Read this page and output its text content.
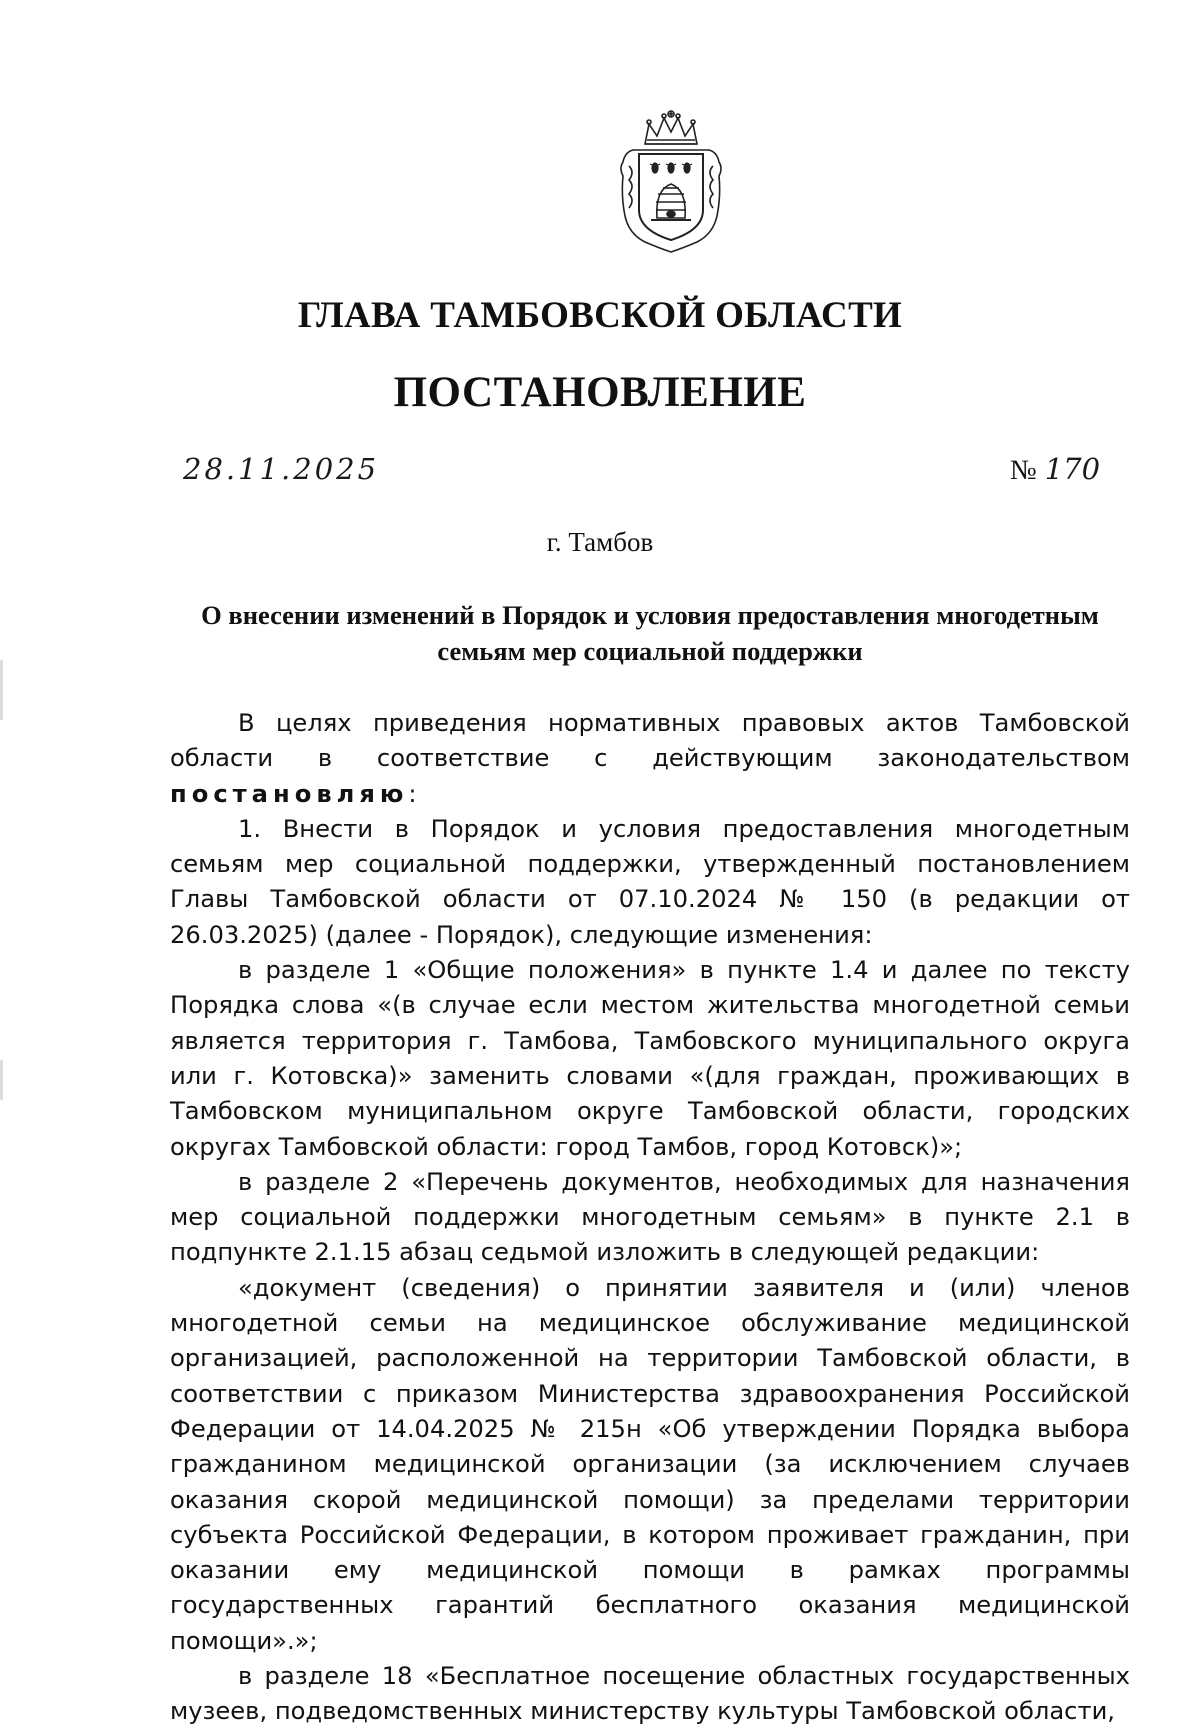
ГЛАВА ТАМБОВСКОЙ ОБЛАСТИ
ПОСТАНОВЛЕНИЕ
28.11.2025	№ 170
г. Тамбов
О внесении изменений в Порядок и условия предоставления многодетным
семьям мер социальной поддержки

В целях приведения нормативных правовых актов Тамбовской области в соответствие с действующим законодательством постановляю:

1. Внести в Порядок и условия предоставления многодетным семьям мер социальной поддержки, утвержденный постановлением Главы Тамбовской области от 07.10.2024 № 150 (в редакции от 26.03.2025) (далее - Порядок), следующие изменения:

в разделе 1 «Общие положения» в пункте 1.4 и далее по тексту Порядка слова «(в случае если местом жительства многодетной семьи является территория г. Тамбова, Тамбовского муниципального округа или г. Котовска)» заменить словами «(для граждан, проживающих в Тамбовском муниципальном округе Тамбовской области, городских округах Тамбовской области: город Тамбов, город Котовск)»;

в разделе 2 «Перечень документов, необходимых для назначения мер социальной поддержки многодетным семьям» в пункте 2.1 в подпункте 2.1.15 абзац седьмой изложить в следующей редакции:

«документ (сведения) о принятии заявителя и (или) членов многодетной семьи на медицинское обслуживание медицинской организацией, расположенной на территории Тамбовской области, в соответствии с приказом Министерства здравоохранения Российской Федерации от 14.04.2025 № 215н «Об утверждении Порядка выбора гражданином медицинской организации (за исключением случаев оказания скорой медицинской помощи) за пределами территории субъекта Российской Федерации, в котором проживает гражданин, при оказании ему медицинской помощи в рамках программы государственных гарантий бесплатного оказания медицинской помощи».»;

в разделе 18 «Бесплатное посещение областных государственных музеев, подведомственных министерству культуры Тамбовской области,
